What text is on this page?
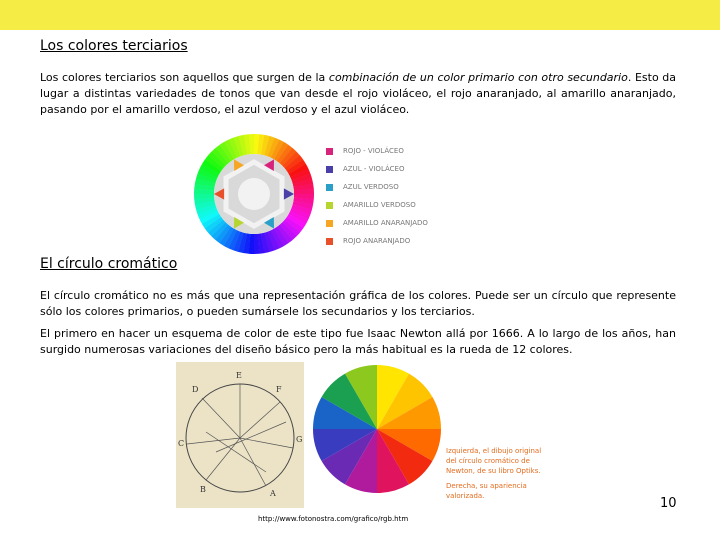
Los colores terciarios
Los colores terciarios son aquellos que surgen de la combinación de un color primario con otro secundario. Esto da lugar a distintas variedades de tonos que van desde el rojo violáceo, el rojo anaranjado, al amarillo anaranjado, pasando por el amarillo verdoso, el azul verdoso y el azul violáceo.
ROJO - VIOLÁCEO
AZUL - VIOLÁCEO
AZUL VERDOSO
AMARILLO VERDOSO
AMARILLO ANARANJADO
ROJO ANARANJADO
El círculo cromático
El círculo cromático no es más que una representación gráfica de los colores. Puede ser un círculo que represente sólo los colores primarios, o pueden sumársele los secundarios y los terciarios.
El primero en hacer un esquema de color de este tipo fue Isaac Newton allá por 1666. A lo largo de los años, han surgido numerosas variaciones del diseño básico pero la más habitual es la rueda de 12 colores.
E
F
G
A
B
C
D
Izquierda, el dibujo original
del círculo cromático de
Newton, de su libro Optiks.
Derecha, su apariencia
valorizada.	10
http://www.fotonostra.com/grafico/rgb.htm
